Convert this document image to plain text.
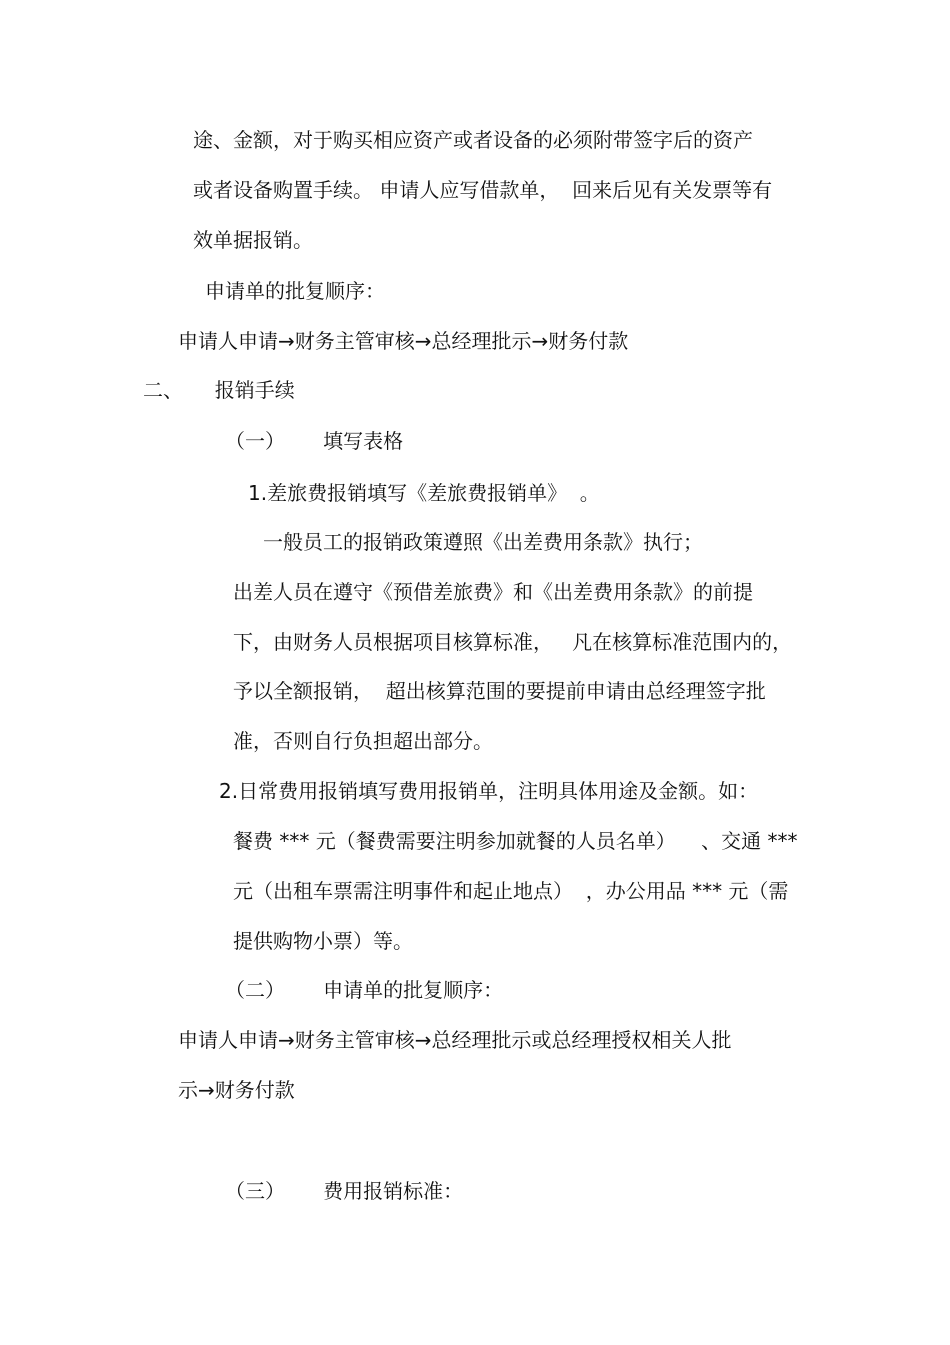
途、金额，对于购买相应资产或者设备的必须附带签字后的资产
或者设备购置手续。 申请人应写借款单，  回来后见有关发票等有
效单据报销。
申请单的批复顺序：
申请人申请→财务主管审核→总经理批示→财务付款
二、     报销手续
（一）      填写表格
1.差旅费报销填写《差旅费报销单》  。
一般员工的报销政策遵照《出差费用条款》执行；
出差人员在遵守《预借差旅费》和《出差费用条款》的前提
下，由财务人员根据项目核算标准，   凡在核算标准范围内的，
予以全额报销，  超出核算范围的要提前申请由总经理签字批
准，否则自行负担超出部分。
2.日常费用报销填写费用报销单，注明具体用途及金额。如：
餐费 *** 元（餐费需要注明参加就餐的人员名单）    、交通 ***
元（出租车票需注明事件和起止地点）  ，办公用品 *** 元（需
提供购物小票）等。
（二）      申请单的批复顺序：
申请人申请→财务主管审核→总经理批示或总经理授权相关人批
示→财务付款
（三）      费用报销标准：
